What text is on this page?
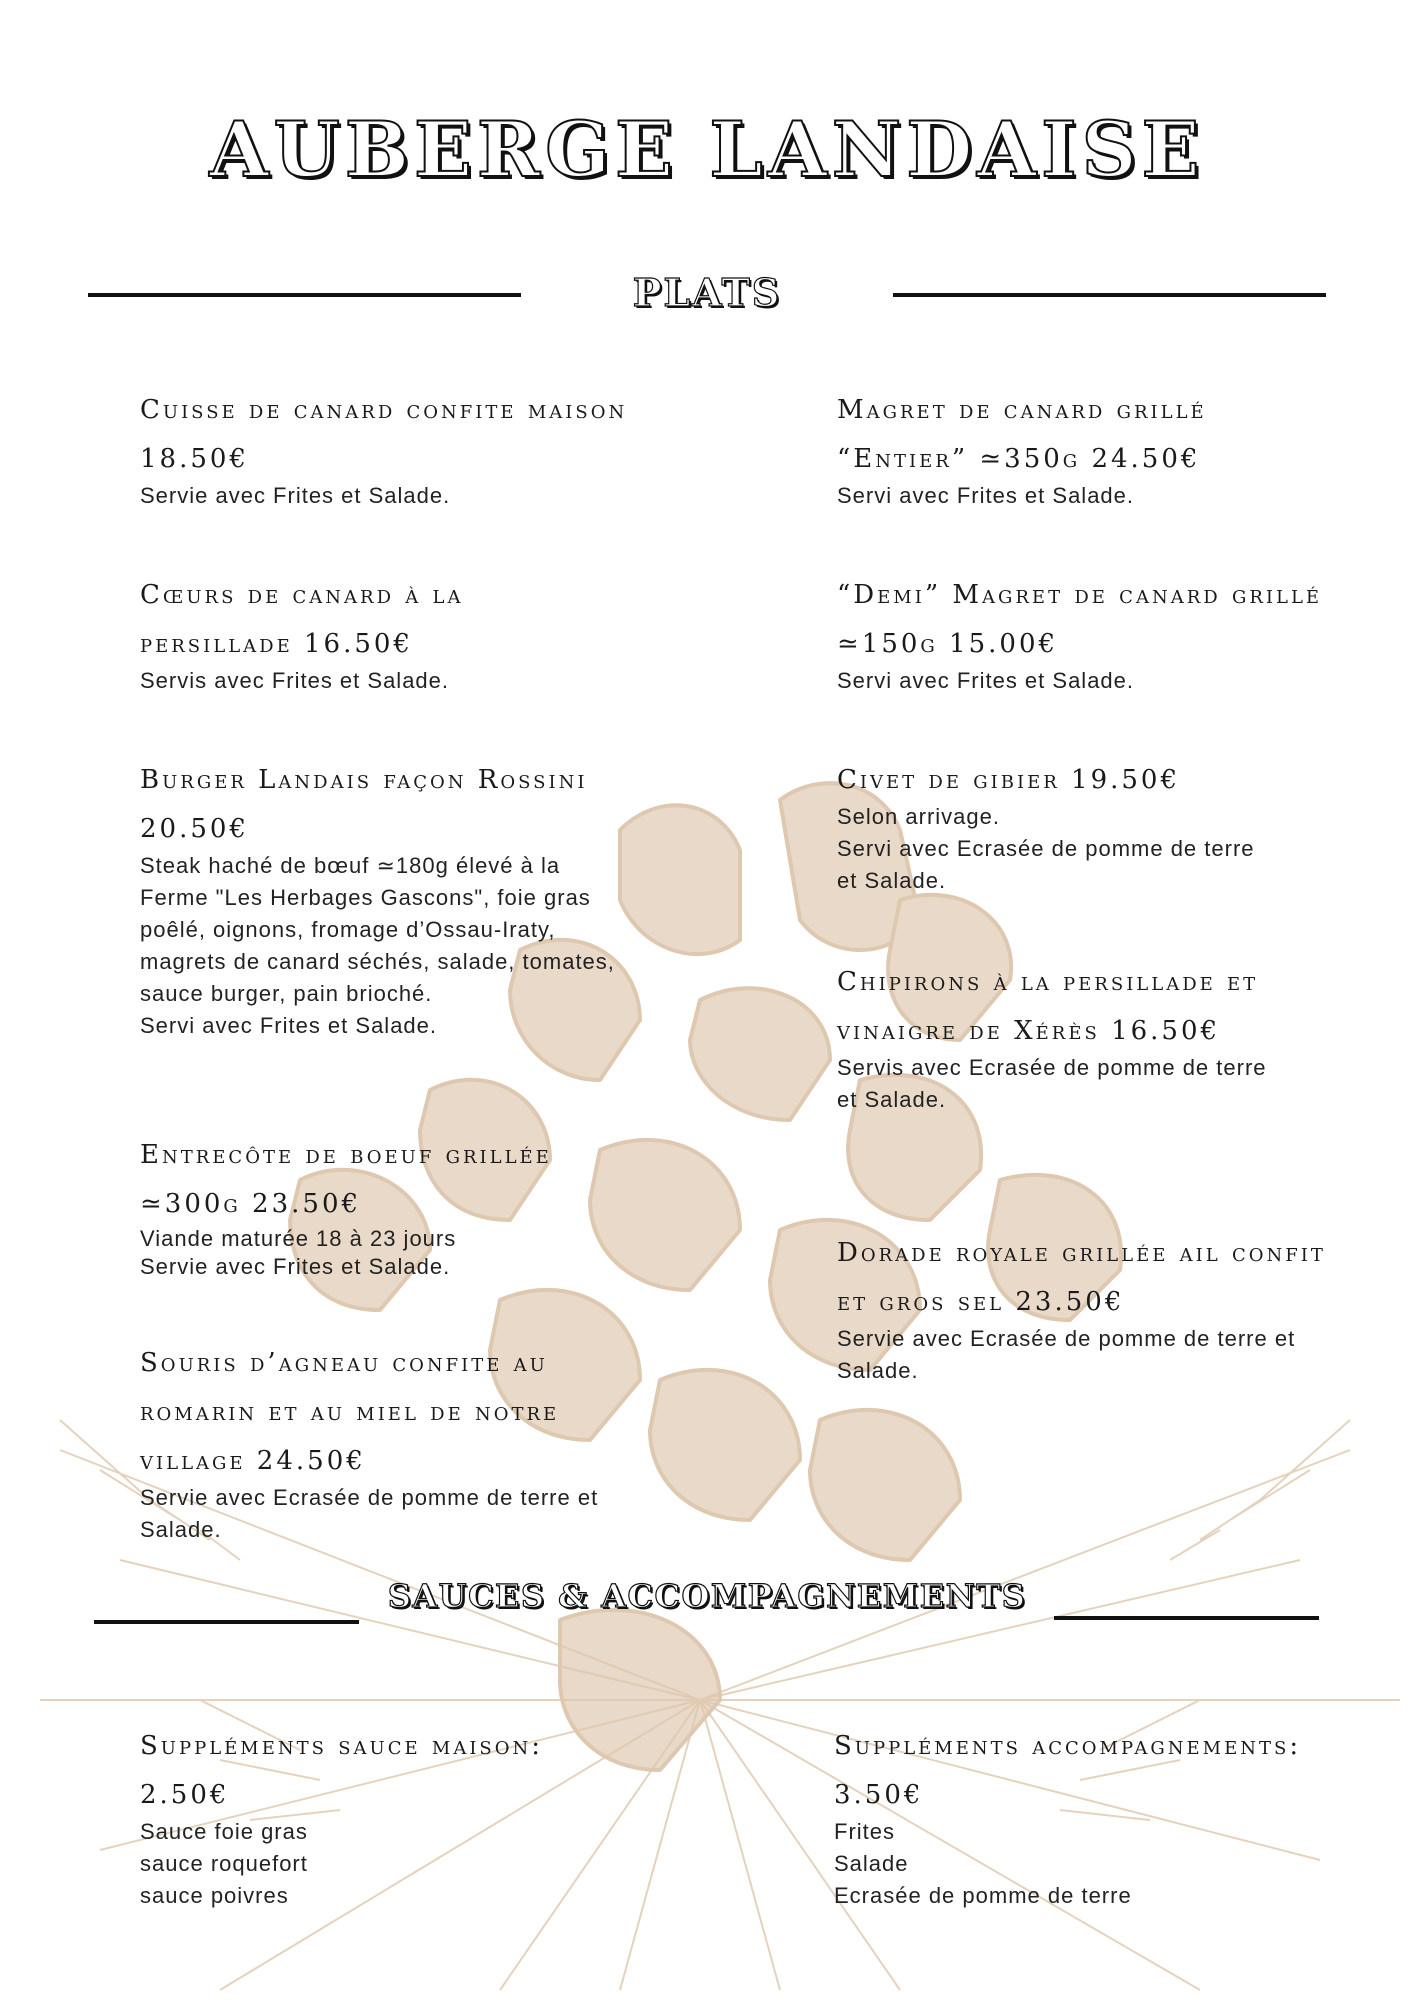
AUBERGE LANDAISE
PLATS
Cuisse de canard confite maison 18.50€
Servie avec Frites et Salade.
Cœurs de canard à la persillade 16.50€
Servis avec Frites et Salade.
Burger Landais façon Rossini 20.50€
Steak haché de bœuf ≃180g élevé à la Ferme "Les Herbages Gascons", foie gras poêlé, oignons, fromage d’Ossau-Iraty, magrets de canard séchés, salade, tomates, sauce burger, pain brioché.
Servi avec Frites et Salade.
Entrecôte de boeuf grillée ≃300g 23.50€
Viande maturée 18 à 23 jours
Servie avec Frites et Salade.
Souris d’agneau confite au romarin et au miel de notre village 24.50€
Servie avec Ecrasée de pomme de terre et Salade.
Magret de canard grillé “Entier” ≃350g 24.50€
Servi avec Frites et Salade.
“Demi” Magret de canard grillé ≃150g 15.00€
Servi avec Frites et Salade.
Civet de gibier 19.50€
Selon arrivage.
Servi avec Ecrasée de pomme de terre et Salade.
Chipirons à la persillade et vinaigre de Xérès 16.50€
Servis avec Ecrasée de pomme de terre et Salade.
Dorade royale grillée ail confit et gros sel 23.50€
Servie avec Ecrasée de pomme de terre et Salade.
SAUCES & ACCOMPAGNEMENTS
Suppléments sauce maison: 2.50€
Sauce foie gras
sauce roquefort
sauce poivres
Suppléments accompagnements: 3.50€
Frites
Salade
Ecrasée de pomme de terre
